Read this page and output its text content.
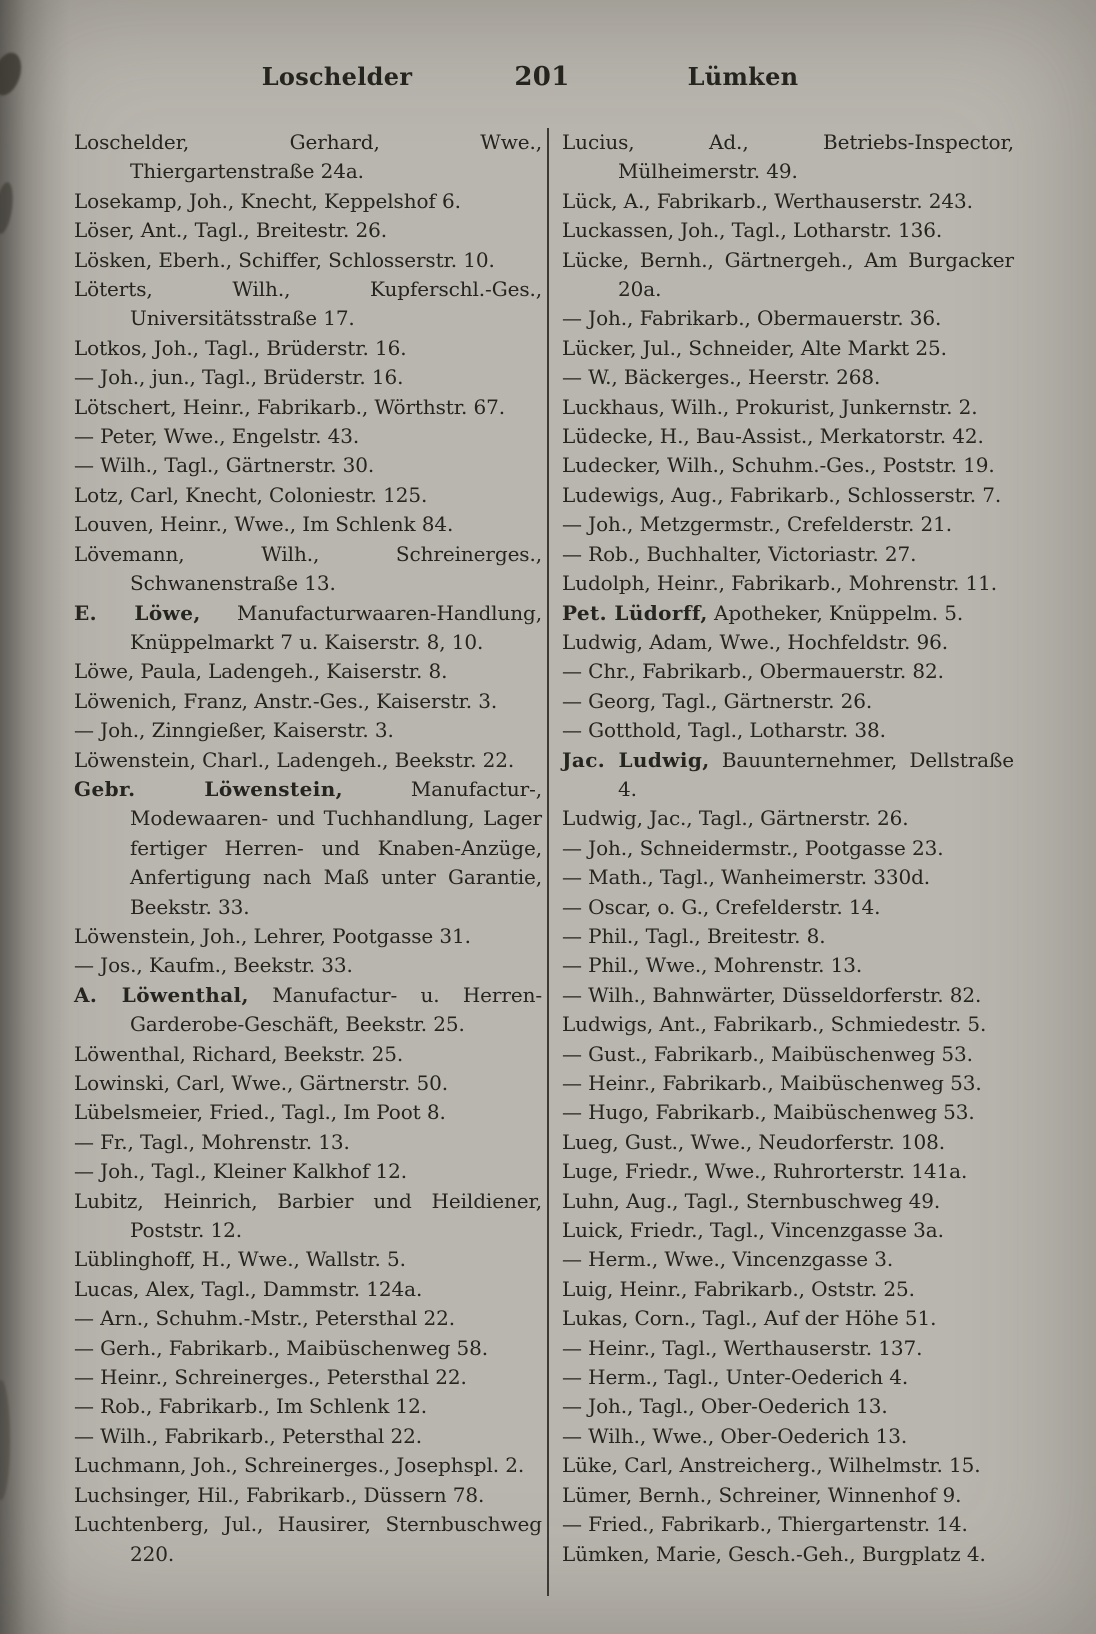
Loschelder	201	Lümken
Loschelder, Gerhard, Wwe., Thiergartenstraße 24a.
Losekamp, Joh., Knecht, Keppelshof 6.
Löser, Ant., Tagl., Breitestr. 26.
Lösken, Eberh., Schiffer, Schlosserstr. 10.
Löterts, Wilh., Kupferschl.-Ges., Universitätsstraße 17.
Lotkos, Joh., Tagl., Brüderstr. 16.
— Joh., jun., Tagl., Brüderstr. 16.
Lötschert, Heinr., Fabrikarb., Wörthstr. 67.
— Peter, Wwe., Engelstr. 43.
— Wilh., Tagl., Gärtnerstr. 30.
Lotz, Carl, Knecht, Coloniestr. 125.
Louven, Heinr., Wwe., Im Schlenk 84.
Lövemann, Wilh., Schreinerges., Schwanenstraße 13.
E. Löwe, Manufacturwaaren-Handlung, Knüppelmarkt 7 u. Kaiserstr. 8, 10.
Löwe, Paula, Ladengeh., Kaiserstr. 8.
Löwenich, Franz, Anstr.-Ges., Kaiserstr. 3.
— Joh., Zinngießer, Kaiserstr. 3.
Löwenstein, Charl., Ladengeh., Beekstr. 22.
Gebr. Löwenstein, Manufactur-, Modewaaren- und Tuchhandlung, Lager fertiger Herren- und Knaben-Anzüge, Anfertigung nach Maß unter Garantie, Beekstr. 33.
Löwenstein, Joh., Lehrer, Pootgasse 31.
— Jos., Kaufm., Beekstr. 33.
A. Löwenthal, Manufactur- u. Herren-Garderobe-Geschäft, Beekstr. 25.
Löwenthal, Richard, Beekstr. 25.
Lowinski, Carl, Wwe., Gärtnerstr. 50.
Lübelsmeier, Fried., Tagl., Im Poot 8.
— Fr., Tagl., Mohrenstr. 13.
— Joh., Tagl., Kleiner Kalkhof 12.
Lubitz, Heinrich, Barbier und Heildiener, Poststr. 12.
Lüblinghoff, H., Wwe., Wallstr. 5.
Lucas, Alex, Tagl., Dammstr. 124a.
— Arn., Schuhm.-Mstr., Petersthal 22.
— Gerh., Fabrikarb., Maibüschenweg 58.
— Heinr., Schreinerges., Petersthal 22.
— Rob., Fabrikarb., Im Schlenk 12.
— Wilh., Fabrikarb., Petersthal 22.
Luchmann, Joh., Schreinerges., Josephspl. 2.
Luchsinger, Hil., Fabrikarb., Düssern 78.
Luchtenberg, Jul., Hausirer, Sternbuschweg 220.
Lucius, Ad., Betriebs-Inspector, Mülheimerstr. 49.
Lück, A., Fabrikarb., Werthauserstr. 243.
Luckassen, Joh., Tagl., Lotharstr. 136.
Lücke, Bernh., Gärtnergeh., Am Burgacker 20a.
— Joh., Fabrikarb., Obermauerstr. 36.
Lücker, Jul., Schneider, Alte Markt 25.
— W., Bäckerges., Heerstr. 268.
Luckhaus, Wilh., Prokurist, Junkernstr. 2.
Lüdecke, H., Bau-Assist., Merkatorstr. 42.
Ludecker, Wilh., Schuhm.-Ges., Poststr. 19.
Ludewigs, Aug., Fabrikarb., Schlosserstr. 7.
— Joh., Metzgermstr., Crefelderstr. 21.
— Rob., Buchhalter, Victoriastr. 27.
Ludolph, Heinr., Fabrikarb., Mohrenstr. 11.
Pet. Lüdorff, Apotheker, Knüppelm. 5.
Ludwig, Adam, Wwe., Hochfeldstr. 96.
— Chr., Fabrikarb., Obermauerstr. 82.
— Georg, Tagl., Gärtnerstr. 26.
— Gotthold, Tagl., Lotharstr. 38.
Jac. Ludwig, Bauunternehmer, Dellstraße 4.
Ludwig, Jac., Tagl., Gärtnerstr. 26.
— Joh., Schneidermstr., Pootgasse 23.
— Math., Tagl., Wanheimerstr. 330d.
— Oscar, o. G., Crefelderstr. 14.
— Phil., Tagl., Breitestr. 8.
— Phil., Wwe., Mohrenstr. 13.
— Wilh., Bahnwärter, Düsseldorferstr. 82.
Ludwigs, Ant., Fabrikarb., Schmiedestr. 5.
— Gust., Fabrikarb., Maibüschenweg 53.
— Heinr., Fabrikarb., Maibüschenweg 53.
— Hugo, Fabrikarb., Maibüschenweg 53.
Lueg, Gust., Wwe., Neudorferstr. 108.
Luge, Friedr., Wwe., Ruhrorterstr. 141a.
Luhn, Aug., Tagl., Sternbuschweg 49.
Luick, Friedr., Tagl., Vincenzgasse 3a.
— Herm., Wwe., Vincenzgasse 3.
Luig, Heinr., Fabrikarb., Oststr. 25.
Lukas, Corn., Tagl., Auf der Höhe 51.
— Heinr., Tagl., Werthauserstr. 137.
— Herm., Tagl., Unter-Oederich 4.
— Joh., Tagl., Ober-Oederich 13.
— Wilh., Wwe., Ober-Oederich 13.
Lüke, Carl, Anstreicherg., Wilhelmstr. 15.
Lümer, Bernh., Schreiner, Winnenhof 9.
— Fried., Fabrikarb., Thiergartenstr. 14.
Lümken, Marie, Gesch.-Geh., Burgplatz 4.
